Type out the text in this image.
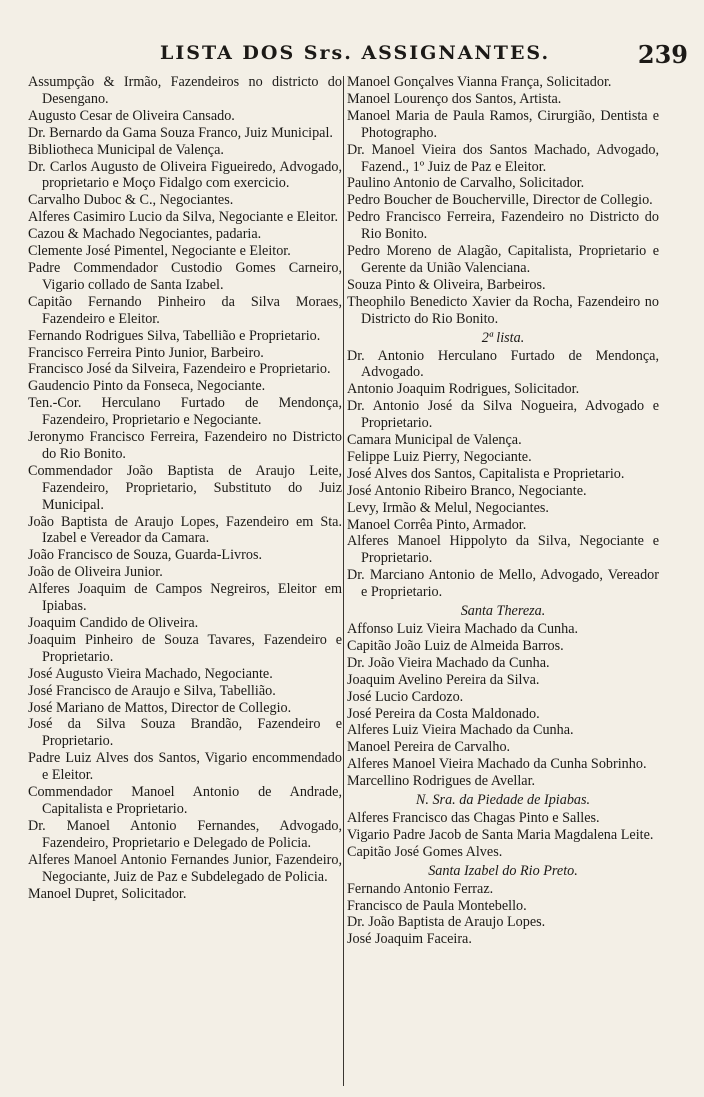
LISTA DOS Srs. ASSIGNANTES.	239
Assumpção & Irmão, Fazendeiros no districto do Desengano.
Augusto Cesar de Oliveira Cansado.
Dr. Bernardo da Gama Souza Franco, Juiz Municipal.
Bibliotheca Municipal de Valença.
Dr. Carlos Augusto de Oliveira Figueiredo, Advogado, proprietario e Moço Fidalgo com exercicio.
Carvalho Duboc & C., Negociantes.
Alferes Casimiro Lucio da Silva, Negociante e Eleitor.
Cazou & Machado Negociantes, padaria.
Clemente José Pimentel, Negociante e Eleitor.
Padre Commendador Custodio Gomes Carneiro, Vigario collado de Santa Izabel.
Capitão Fernando Pinheiro da Silva Moraes, Fazendeiro e Eleitor.
Fernando Rodrigues Silva, Tabellião e Proprietario.
Francisco Ferreira Pinto Junior, Barbeiro.
Francisco José da Silveira, Fazendeiro e Proprietario.
Gaudencio Pinto da Fonseca, Negociante.
Ten.-Cor. Herculano Furtado de Mendonça, Fazendeiro, Proprietario e Negociante.
Jeronymo Francisco Ferreira, Fazendeiro no Districto do Rio Bonito.
Commendador João Baptista de Araujo Leite, Fazendeiro, Proprietario, Substituto do Juiz Municipal.
João Baptista de Araujo Lopes, Fazendeiro em Sta. Izabel e Vereador da Camara.
João Francisco de Souza, Guarda-Livros.
João de Oliveira Junior.
Alferes Joaquim de Campos Negreiros, Eleitor em Ipiabas.
Joaquim Candido de Oliveira.
Joaquim Pinheiro de Souza Tavares, Fazendeiro e Proprietario.
José Augusto Vieira Machado, Negociante.
José Francisco de Araujo e Silva, Tabellião.
José Mariano de Mattos, Director de Collegio.
José da Silva Souza Brandão, Fazendeiro e Proprietario.
Padre Luiz Alves dos Santos, Vigario encommendado e Eleitor.
Commendador Manoel Antonio de Andrade, Capitalista e Proprietario.
Dr. Manoel Antonio Fernandes, Advogado, Fazendeiro, Proprietario e Delegado de Policia.
Alferes Manoel Antonio Fernandes Junior, Fazendeiro, Negociante, Juiz de Paz e Subdelegado de Policia.
Manoel Dupret, Solicitador.
Manoel Gonçalves Vianna França, Solicitador.
Manoel Lourenço dos Santos, Artista.
Manoel Maria de Paula Ramos, Cirurgião, Dentista e Photographo.
Dr. Manoel Vieira dos Santos Machado, Advogado, Fazend., 1º Juiz de Paz e Eleitor.
Paulino Antonio de Carvalho, Solicitador.
Pedro Boucher de Boucherville, Director de Collegio.
Pedro Francisco Ferreira, Fazendeiro no Districto do Rio Bonito.
Pedro Moreno de Alagão, Capitalista, Proprietario e Gerente da União Valenciana.
Souza Pinto & Oliveira, Barbeiros.
Theophilo Benedicto Xavier da Rocha, Fazendeiro no Districto do Rio Bonito.
2ª lista.
Dr. Antonio Herculano Furtado de Mendonça, Advogado.
Antonio Joaquim Rodrigues, Solicitador.
Dr. Antonio José da Silva Nogueira, Advogado e Proprietario.
Camara Municipal de Valença.
Felippe Luiz Pierry, Negociante.
José Alves dos Santos, Capitalista e Proprietario.
José Antonio Ribeiro Branco, Negociante.
Levy, Irmão & Melul, Negociantes.
Manoel Corrêa Pinto, Armador.
Alferes Manoel Hippolyto da Silva, Negociante e Proprietario.
Dr. Marciano Antonio de Mello, Advogado, Vereador e Proprietario.
Santa Thereza.
Affonso Luiz Vieira Machado da Cunha.
Capitão João Luiz de Almeida Barros.
Dr. João Vieira Machado da Cunha.
Joaquim Avelino Pereira da Silva.
José Lucio Cardozo.
José Pereira da Costa Maldonado.
Alferes Luiz Vieira Machado da Cunha.
Manoel Pereira de Carvalho.
Alferes Manoel Vieira Machado da Cunha Sobrinho.
Marcellino Rodrigues de Avellar.
N. Sra. da Piedade de Ipiabas.
Alferes Francisco das Chagas Pinto e Salles.
Vigario Padre Jacob de Santa Maria Magdalena Leite.
Capitão José Gomes Alves.
Santa Izabel do Rio Preto.
Fernando Antonio Ferraz.
Francisco de Paula Montebello.
Dr. João Baptista de Araujo Lopes.
José Joaquim Faceira.
